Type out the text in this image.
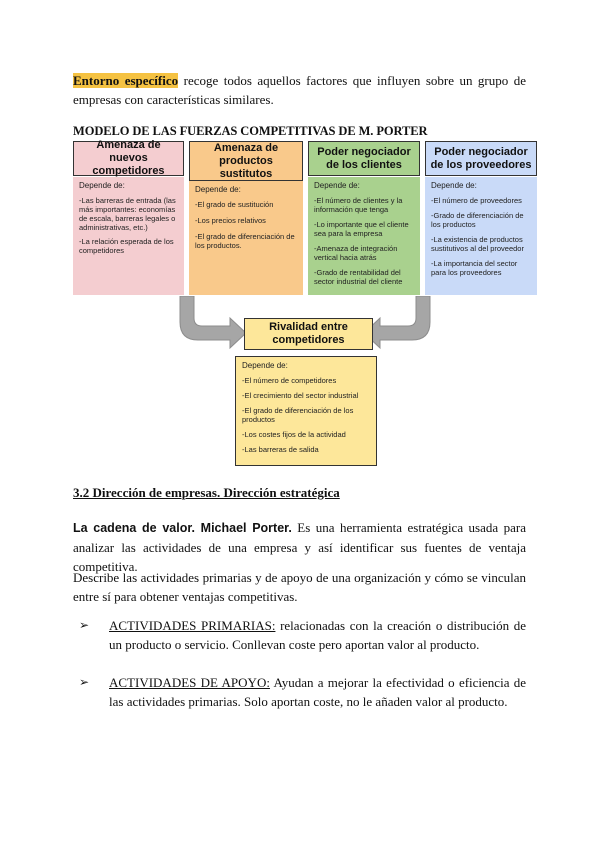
Entorno específico recoge todos aquellos factores que influyen sobre un grupo de empresas con características similares.
MODELO DE LAS FUERZAS COMPETITIVAS DE M. PORTER
Amenaza de nuevos competidores

Depende de:

-Las barreras de entrada (las más importantes: economías de escala, barreras legales o administrativas, etc.)

-La relación esperada de los competidores

Amenaza de productos sustitutos

Depende de:

-El grado de sustitución

-Los precios relativos

-El grado de diferenciación de los productos.

Poder negociador de los clientes

Depende de:

-El número de clientes y la información que tenga

-Lo importante que el cliente sea para la empresa

-Amenaza de integración vertical hacia atrás

-Grado de rentabilidad del sector industrial del cliente

Poder negociador de los proveedores

Depende de:

-El número de proveedores

-Grado de diferenciación de los productos

-La existencia de productos sustitutivos al del proveedor

-La importancia del sector para los proveedores

Rivalidad entre competidores

Depende de:

-El número de competidores

-El crecimiento del sector industrial

-El grado de diferenciación de los productos

-Los costes fijos de la actividad

-Las barreras de salida

3.2 Dirección de empresas. Dirección estratégica
La cadena de valor. Michael Porter. Es una herramienta estratégica usada para analizar las actividades de una empresa y así identificar sus fuentes de ventaja competitiva.
Describe las actividades primarias y de apoyo de una organización y cómo se vinculan entre sí para obtener ventajas competitivas.
➢	ACTIVIDADES PRIMARIAS: relacionadas con la creación o distribución de un producto o servicio. Conllevan coste pero aportan valor al producto.
➢	ACTIVIDADES DE APOYO: Ayudan a mejorar la efectividad o eficiencia de las actividades primarias. Solo aportan coste, no le añaden valor al producto.
